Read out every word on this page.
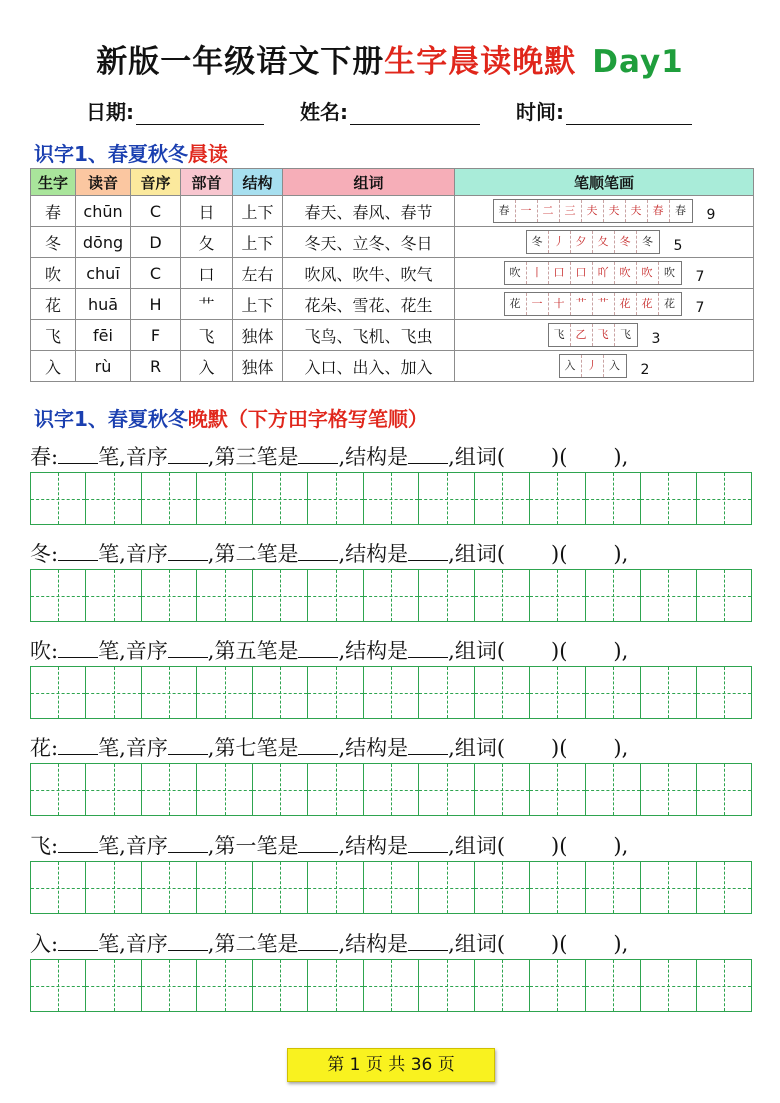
新版一年级语文下册生字晨读晚默 Day1
日期:	姓名:	时间:
识字1、春夏秋冬晨读
生字	读音	音序	部首	结构	组词	笔顺笔画
春	chūn	C	日	上下	春天、春风、春节	春 一 二 三 夫 夫 夫 春 春 9
冬	dōng	D	夂	上下	冬天、立冬、冬日	冬 丿 夕 夂 冬 冬 5
吹	chuī	C	口	左右	吹风、吹牛、吹气	吹 丨 口 口 吖 吹 吹 吹 7
花	huā	H	艹	上下	花朵、雪花、花生	花 一 十 艹 艹 花 花 花 7
飞	fēi	F	飞	独体	飞鸟、飞机、飞虫	飞 乙 飞 飞 3
入	rù	R	入	独体	入口、出入、加入	入 丿 入 2
识字1、春夏秋冬晚默（下方田字格写笔顺）
春: 笔,音序 ,第三笔是 ,结构是 ,组词( )( ),
冬: 笔,音序 ,第二笔是 ,结构是 ,组词( )( ),
吹: 笔,音序 ,第五笔是 ,结构是 ,组词( )( ),
花: 笔,音序 ,第七笔是 ,结构是 ,组词( )( ),
飞: 笔,音序 ,第一笔是 ,结构是 ,组词( )( ),
入: 笔,音序 ,第二笔是 ,结构是 ,组词( )( ),
第 1 页 共 36 页
